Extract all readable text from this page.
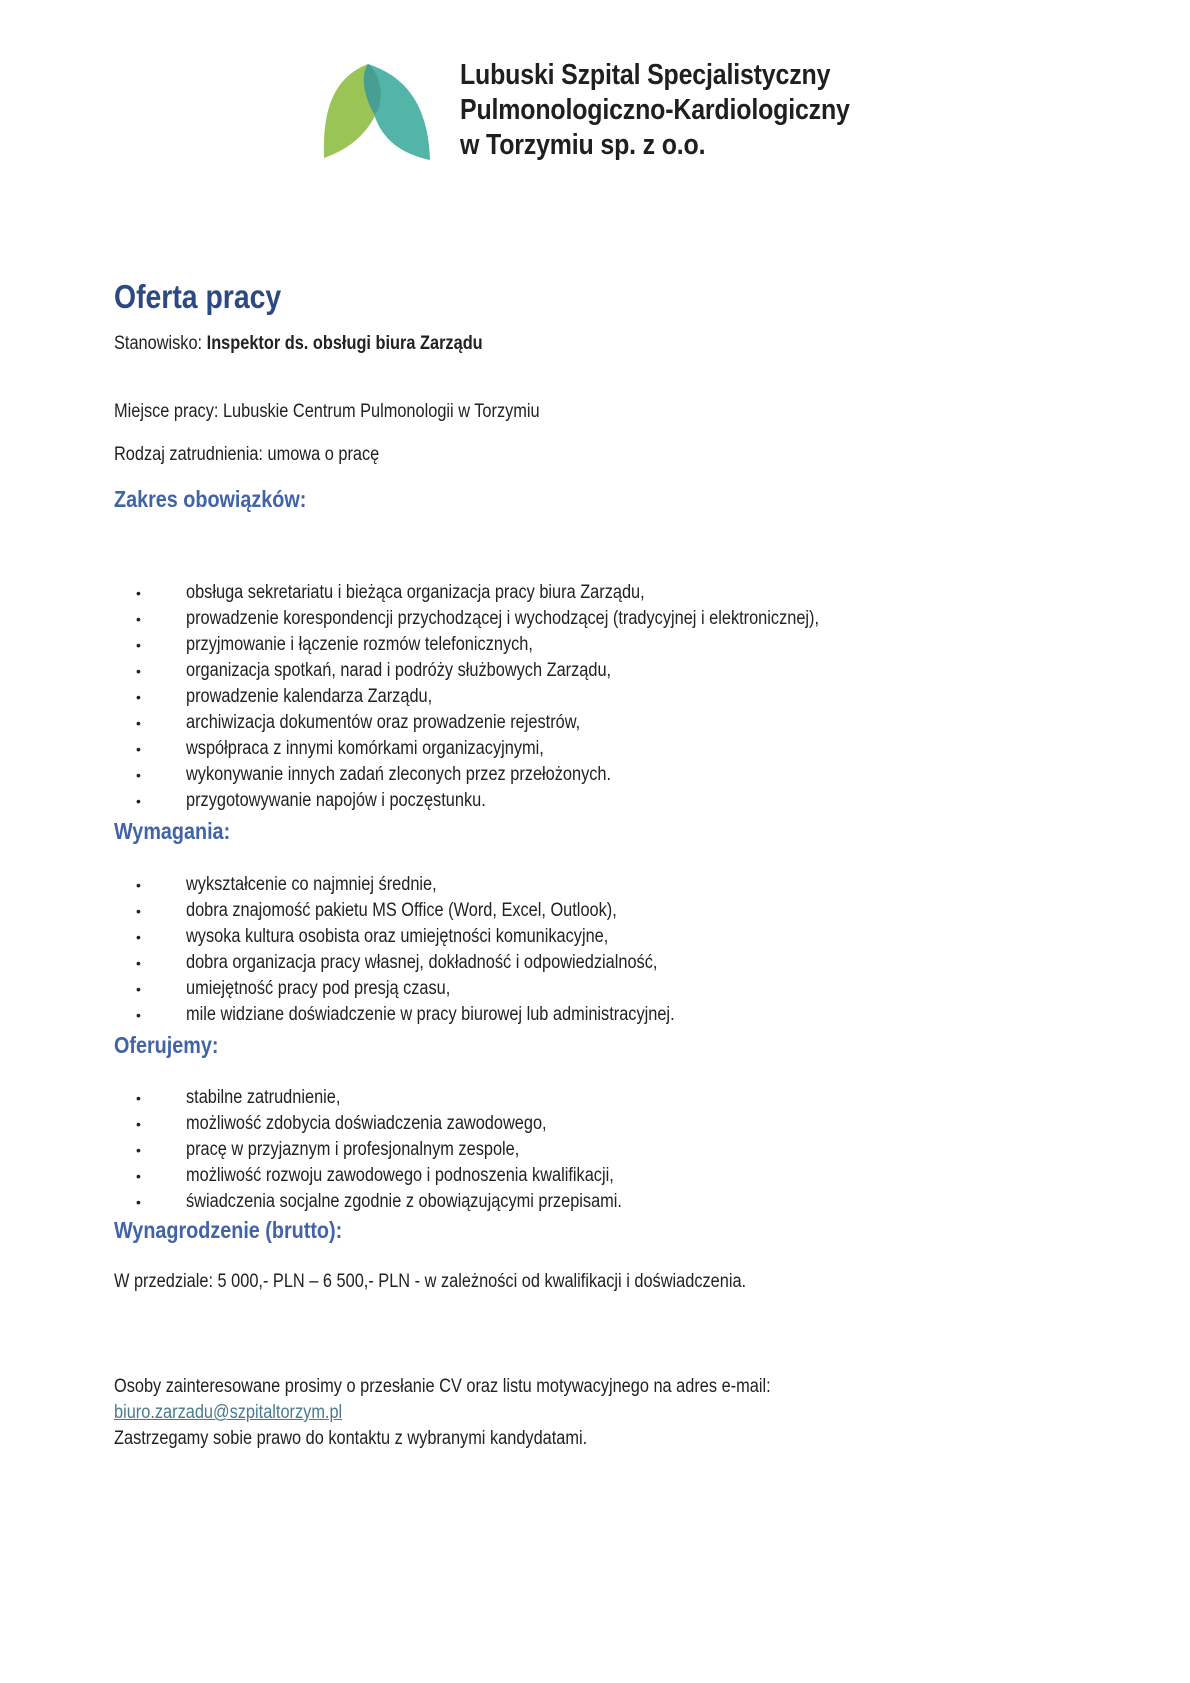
Lubuski Szpital Specjalistyczny
Pulmonologiczno-Kardiologiczny
w Torzymiu sp. z o.o.
Oferta pracy
Stanowisko: Inspektor ds. obsługi biura Zarządu
Miejsce pracy: Lubuskie Centrum Pulmonologii w Torzymiu
Rodzaj zatrudnienia: umowa o pracę
Zakres obowiązków:
• obsługa sekretariatu i bieżąca organizacja pracy biura Zarządu,
• prowadzenie korespondencji przychodzącej i wychodzącej (tradycyjnej i elektronicznej),
• przyjmowanie i łączenie rozmów telefonicznych,
• organizacja spotkań, narad i podróży służbowych Zarządu,
• prowadzenie kalendarza Zarządu,
• archiwizacja dokumentów oraz prowadzenie rejestrów,
• współpraca z innymi komórkami organizacyjnymi,
• wykonywanie innych zadań zleconych przez przełożonych.
• przygotowywanie napojów i poczęstunku.
Wymagania:
• wykształcenie co najmniej średnie,
• dobra znajomość pakietu MS Office (Word, Excel, Outlook),
• wysoka kultura osobista oraz umiejętności komunikacyjne,
• dobra organizacja pracy własnej, dokładność i odpowiedzialność,
• umiejętność pracy pod presją czasu,
• mile widziane doświadczenie w pracy biurowej lub administracyjnej.
Oferujemy:
• stabilne zatrudnienie,
• możliwość zdobycia doświadczenia zawodowego,
• pracę w przyjaznym i profesjonalnym zespole,
• możliwość rozwoju zawodowego i podnoszenia kwalifikacji,
• świadczenia socjalne zgodnie z obowiązującymi przepisami.
Wynagrodzenie (brutto):
W przedziale: 5 000,- PLN – 6 500,- PLN - w zależności od kwalifikacji i doświadczenia.
Osoby zainteresowane prosimy o przesłanie CV oraz listu motywacyjnego na adres e-mail:
biuro.zarzadu@szpitaltorzym.pl
Zastrzegamy sobie prawo do kontaktu z wybranymi kandydatami.
